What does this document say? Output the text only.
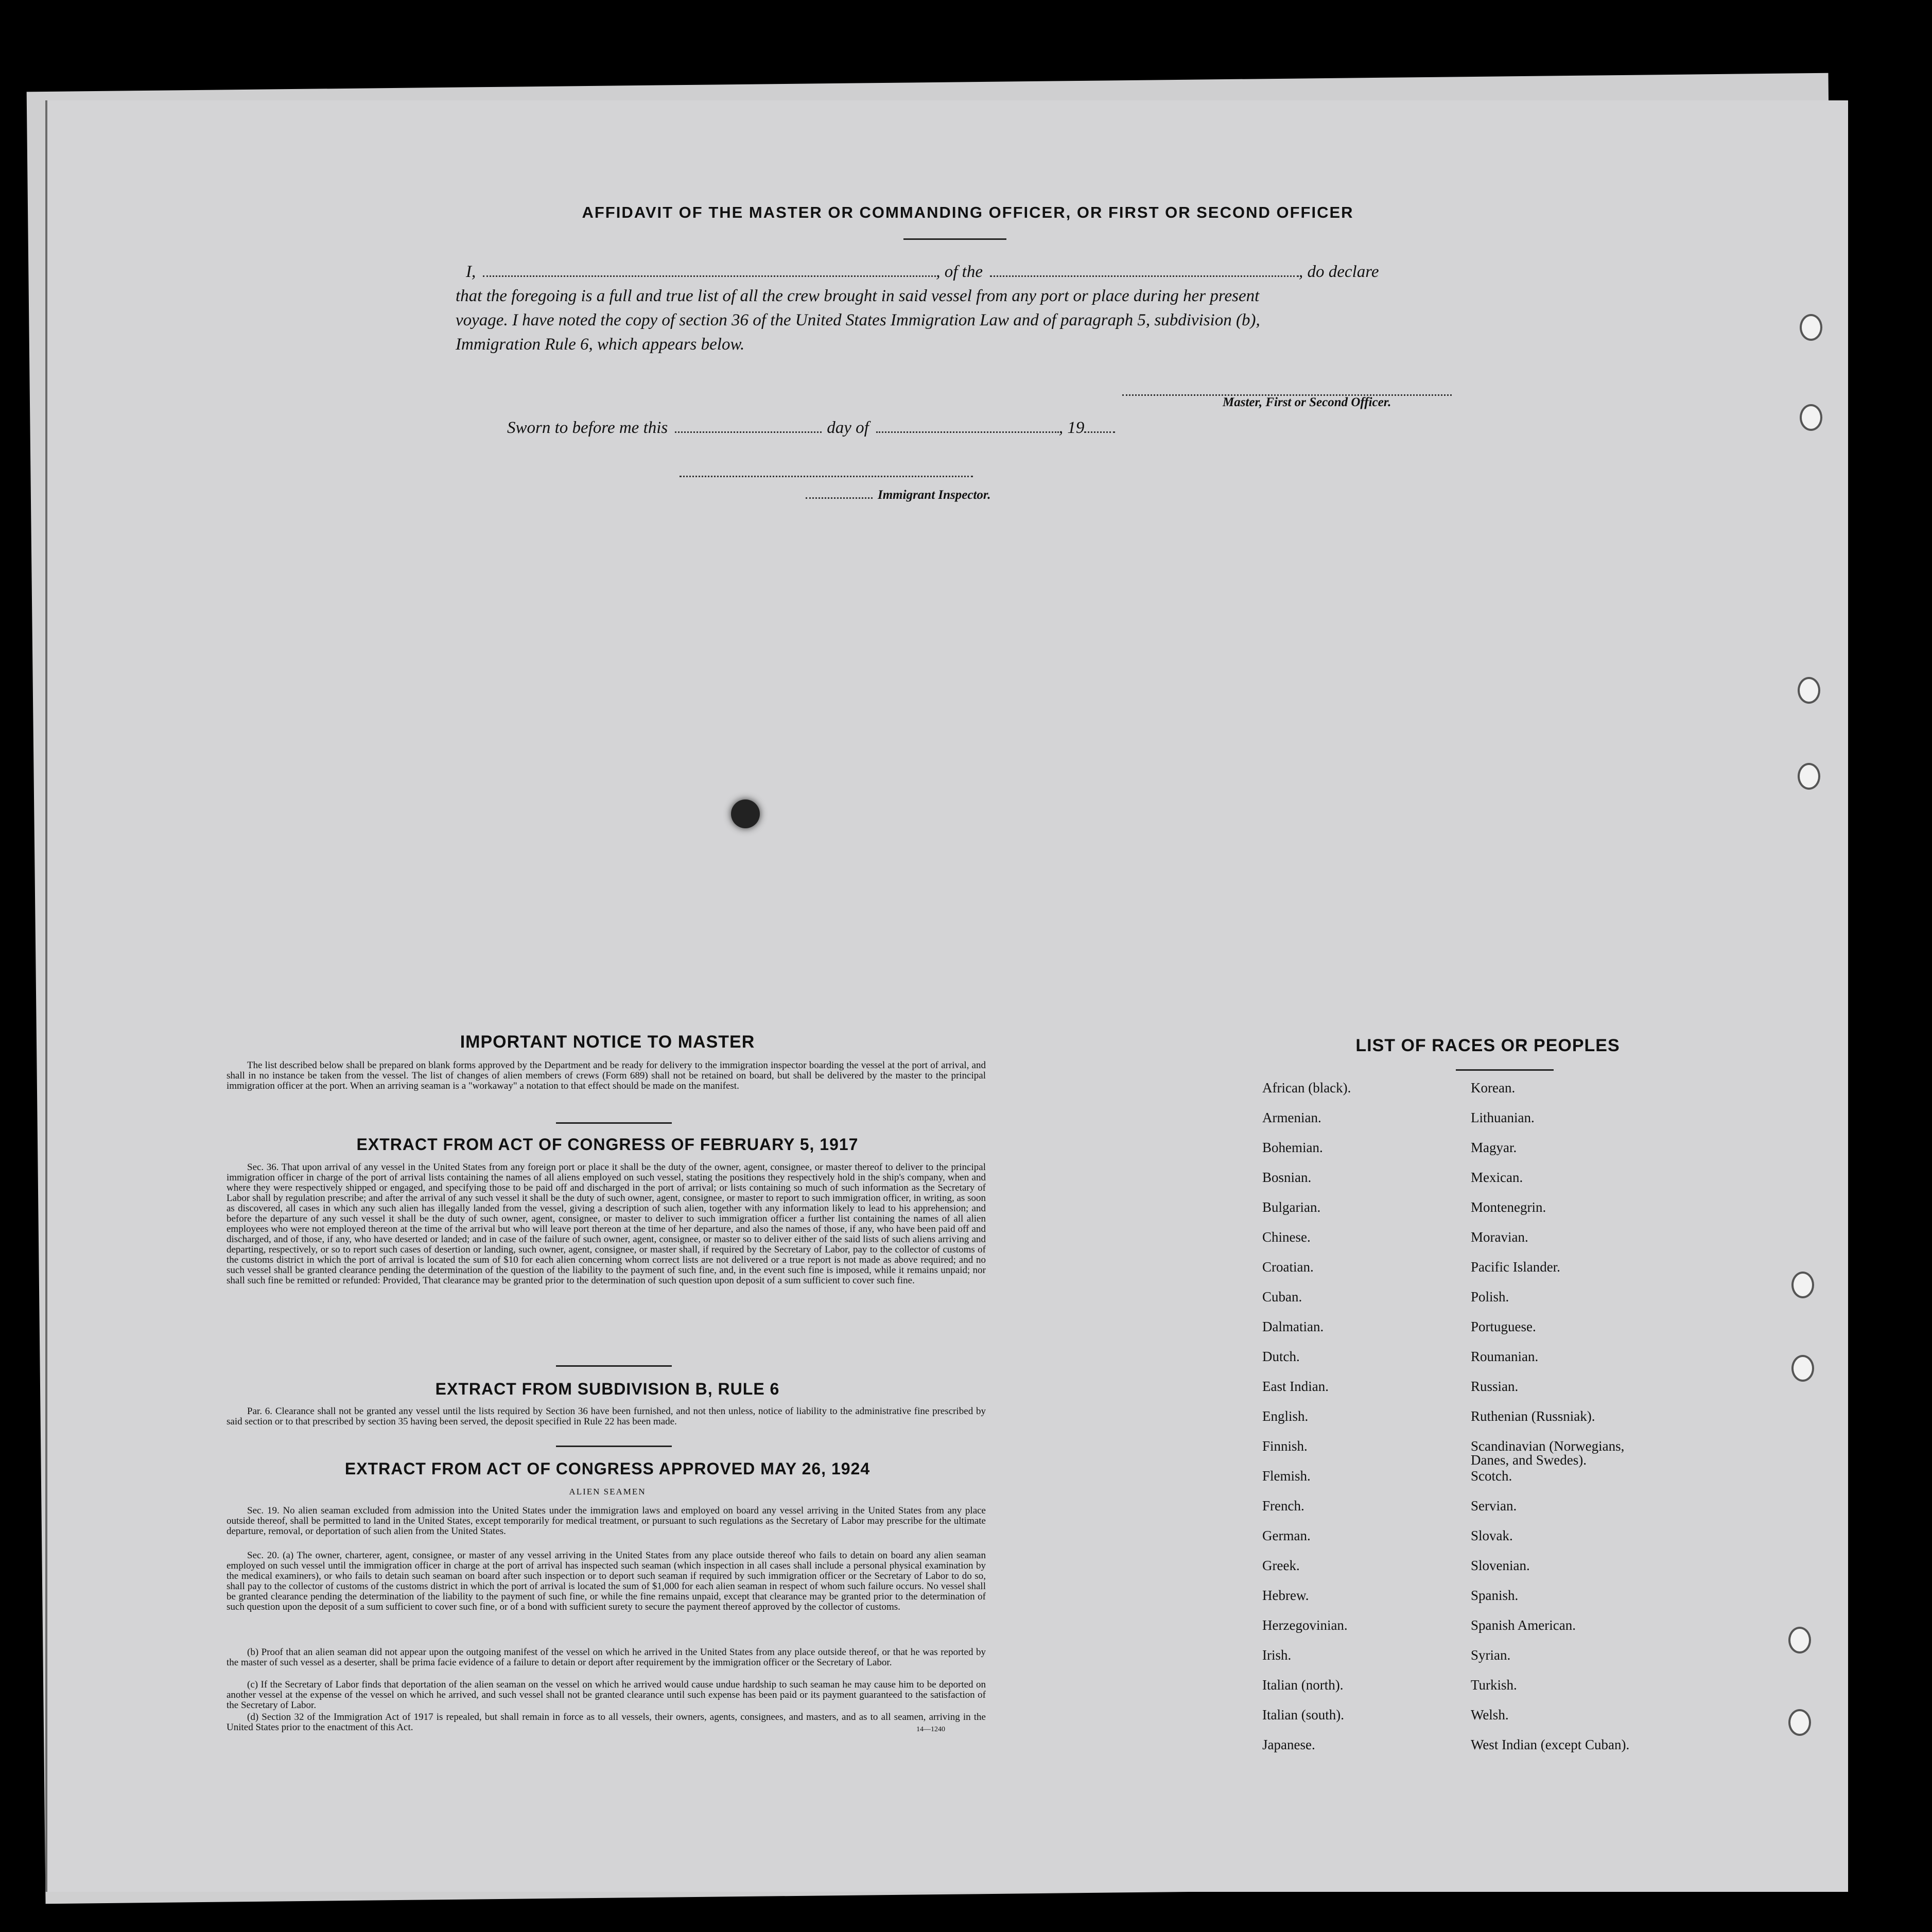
AFFIDAVIT OF THE MASTER OR COMMANDING OFFICER, OR FIRST OR SECOND OFFICER
I,	, of the	, do declare
that the foregoing is a full and true list of all the crew brought in said vessel from any port or place during her present
voyage. I have noted the copy of section 36 of the United States Immigration Law and of paragraph 5, subdivision (b),
Immigration Rule 6, which appears below.
Master, First or Second Officer.
Sworn to before me this	day of	, 19
Immigrant Inspector.
IMPORTANT NOTICE TO MASTER
The list described below shall be prepared on blank forms approved by the Department and be ready for delivery to the immigration inspector boarding the vessel at the port of arrival, and shall in no instance be taken from the vessel. The list of changes of alien members of crews (Form 689) shall not be retained on board, but shall be delivered by the master to the principal immigration officer at the port. When an arriving seaman is a "workaway" a notation to that effect should be made on the manifest.
EXTRACT FROM ACT OF CONGRESS OF FEBRUARY 5, 1917
Sec. 36. That upon arrival of any vessel in the United States from any foreign port or place it shall be the duty of the owner, agent, consignee, or master thereof to deliver to the principal immigration officer in charge of the port of arrival lists containing the names of all aliens employed on such vessel, stating the positions they respectively hold in the ship's company, when and where they were respectively shipped or engaged, and specifying those to be paid off and discharged in the port of arrival; or lists containing so much of such information as the Secretary of Labor shall by regulation prescribe; and after the arrival of any such vessel it shall be the duty of such owner, agent, consignee, or master to report to such immigration officer, in writing, as soon as discovered, all cases in which any such alien has illegally landed from the vessel, giving a description of such alien, together with any information likely to lead to his apprehension; and before the departure of any such vessel it shall be the duty of such owner, agent, consignee, or master to deliver to such immigration officer a further list containing the names of all alien employees who were not employed thereon at the time of the arrival but who will leave port thereon at the time of her departure, and also the names of those, if any, who have been paid off and discharged, and of those, if any, who have deserted or landed; and in case of the failure of such owner, agent, consignee, or master so to deliver either of the said lists of such aliens arriving and departing, respectively, or so to report such cases of desertion or landing, such owner, agent, consignee, or master shall, if required by the Secretary of Labor, pay to the collector of customs of the customs district in which the port of arrival is located the sum of $10 for each alien concerning whom correct lists are not delivered or a true report is not made as above required; and no such vessel shall be granted clearance pending the determination of the question of the liability to the payment of such fine, and, in the event such fine is imposed, while it remains unpaid; nor shall such fine be remitted or refunded: Provided, That clearance may be granted prior to the determination of such question upon deposit of a sum sufficient to cover such fine.
EXTRACT FROM SUBDIVISION B, RULE 6
Par. 6. Clearance shall not be granted any vessel until the lists required by Section 36 have been furnished, and not then unless, notice of liability to the administrative fine prescribed by said section or to that prescribed by section 35 having been served, the deposit specified in Rule 22 has been made.
EXTRACT FROM ACT OF CONGRESS APPROVED MAY 26, 1924
ALIEN SEAMEN
Sec. 19. No alien seaman excluded from admission into the United States under the immigration laws and employed on board any vessel arriving in the United States from any place outside thereof, shall be permitted to land in the United States, except temporarily for medical treatment, or pursuant to such regulations as the Secretary of Labor may prescribe for the ultimate departure, removal, or deportation of such alien from the United States.
Sec. 20. (a) The owner, charterer, agent, consignee, or master of any vessel arriving in the United States from any place outside thereof who fails to detain on board any alien seaman employed on such vessel until the immigration officer in charge at the port of arrival has inspected such seaman (which inspection in all cases shall include a personal physical examination by the medical examiners), or who fails to detain such seaman on board after such inspection or to deport such seaman if required by such immigration officer or the Secretary of Labor to do so, shall pay to the collector of customs of the customs district in which the port of arrival is located the sum of $1,000 for each alien seaman in respect of whom such failure occurs. No vessel shall be granted clearance pending the determination of the liability to the payment of such fine, or while the fine remains unpaid, except that clearance may be granted prior to the determination of such question upon the deposit of a sum sufficient to cover such fine, or of a bond with sufficient surety to secure the payment thereof approved by the collector of customs.
(b) Proof that an alien seaman did not appear upon the outgoing manifest of the vessel on which he arrived in the United States from any place outside thereof, or that he was reported by the master of such vessel as a deserter, shall be prima facie evidence of a failure to detain or deport after requirement by the immigration officer or the Secretary of Labor.
(c) If the Secretary of Labor finds that deportation of the alien seaman on the vessel on which he arrived would cause undue hardship to such seaman he may cause him to be deported on another vessel at the expense of the vessel on which he arrived, and such vessel shall not be granted clearance until such expense has been paid or its payment guaranteed to the satisfaction of the Secretary of Labor.
(d) Section 32 of the Immigration Act of 1917 is repealed, but shall remain in force as to all vessels, their owners, agents, consignees, and masters, and as to all seamen, arriving in the United States prior to the enactment of this Act.	14—1240
LIST OF RACES OR PEOPLES
African (black).	Korean.
Armenian.	Lithuanian.
Bohemian.	Magyar.
Bosnian.	Mexican.
Bulgarian.	Montenegrin.
Chinese.	Moravian.
Croatian.	Pacific Islander.
Cuban.	Polish.
Dalmatian.	Portuguese.
Dutch.	Roumanian.
East Indian.	Russian.
English.	Ruthenian (Russniak).
Finnish.	Scandinavian (Norwegians,
Danes, and Swedes).
Flemish.	Scotch.
French.	Servian.
German.	Slovak.
Greek.	Slovenian.
Hebrew.	Spanish.
Herzegovinian.	Spanish American.
Irish.	Syrian.
Italian (north).	Turkish.
Italian (south).	Welsh.
Japanese.	West Indian (except Cuban).
